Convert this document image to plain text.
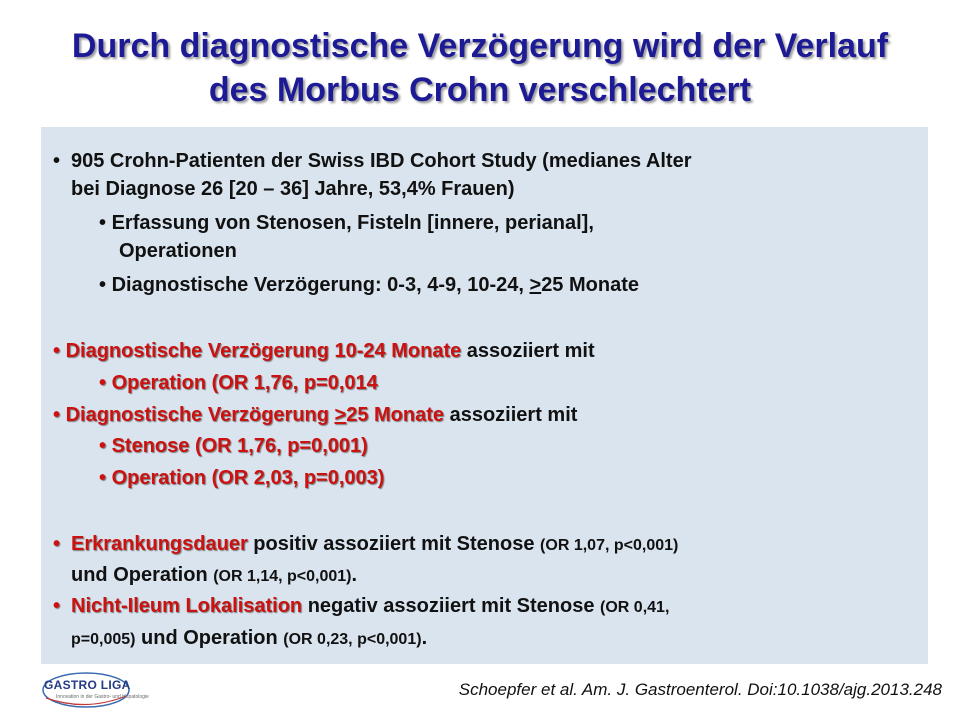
Durch diagnostische Verzögerung wird der Verlauf
des Morbus Crohn verschlechtert
• 905 Crohn-Patienten der Swiss IBD Cohort Study (medianes Alter
bei Diagnose 26 [20 – 36] Jahre, 53,4% Frauen)
• Erfassung von Stenosen, Fisteln [innere, perianal],
Operationen
• Diagnostische Verzögerung: 0-3, 4-9, 10-24, >25 Monate
• Diagnostische Verzögerung 10-24 Monate assoziiert mit
• Operation (OR 1,76, p=0,014
• Diagnostische Verzögerung >25 Monate assoziiert mit
• Stenose (OR 1,76, p=0,001)
• Operation (OR 2,03, p=0,003)
• Erkrankungsdauer positiv assoziiert mit Stenose (OR 1,07, p<0,001)
und Operation (OR 1,14, p<0,001).
• Nicht-Ileum Lokalisation negativ assoziiert mit Stenose (OR 0,41,
p=0,005) und Operation (OR 0,23, p<0,001).
GASTRO LIGA
Innovation in der Gastro- und Hepatologie	Schoepfer et al. Am. J. Gastroenterol. Doi:10.1038/ajg.2013.248
